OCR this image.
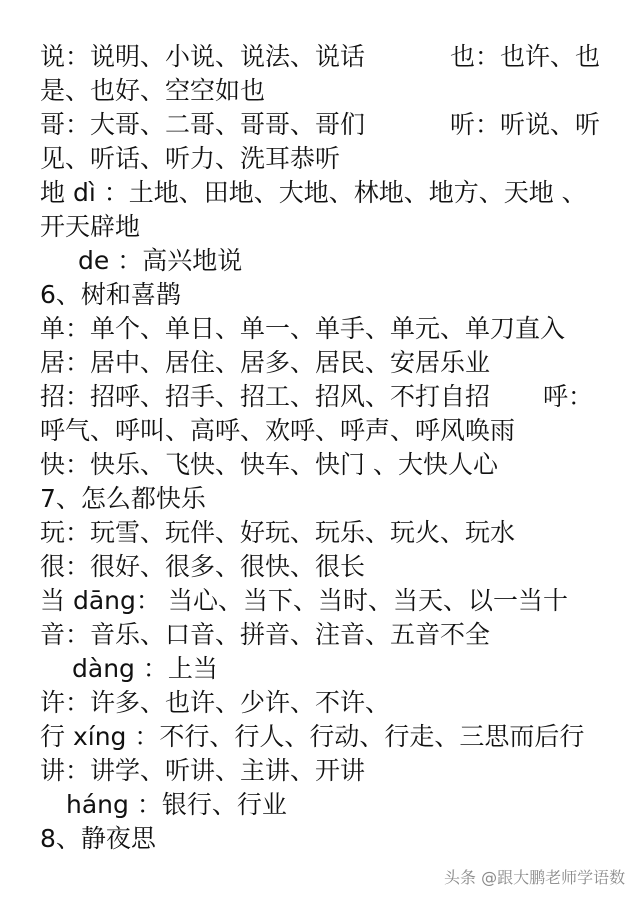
说：说明、小说、说法、说话	也：也许、也
是、也好、空空如也
哥：大哥、二哥、哥哥、哥们	听：听说、听
见、听话、听力、洗耳恭听
地 dì ：土地、田地、大地、林地、地方、天地 、
开天辟地
de ：高兴地说
6、树和喜鹊
单：单个、单日、单一、单手、单元、单刀直入
居：居中、居住、居多、居民、安居乐业
招：招呼、招手、招工、招风、不打自招 呼：
呼气、呼叫、高呼、欢呼、呼声、呼风唤雨
快：快乐、飞快、快车、快门 、大快人心
7、怎么都快乐
玩：玩雪、玩伴、好玩、玩乐、玩火、玩水
很：很好、很多、很快、很长
当 dāng： 当心、当下、当时、当天、以一当十
音：音乐、口音、拼音、注音、五音不全
dàng ：上当
许：许多、也许、少许、不许、
行 xíng ：不行、行人、行动、行走、三思而后行
讲：讲学、听讲、主讲、开讲
háng ：银行、行业
8、静夜思
头条 @跟大鹏老师学语数
